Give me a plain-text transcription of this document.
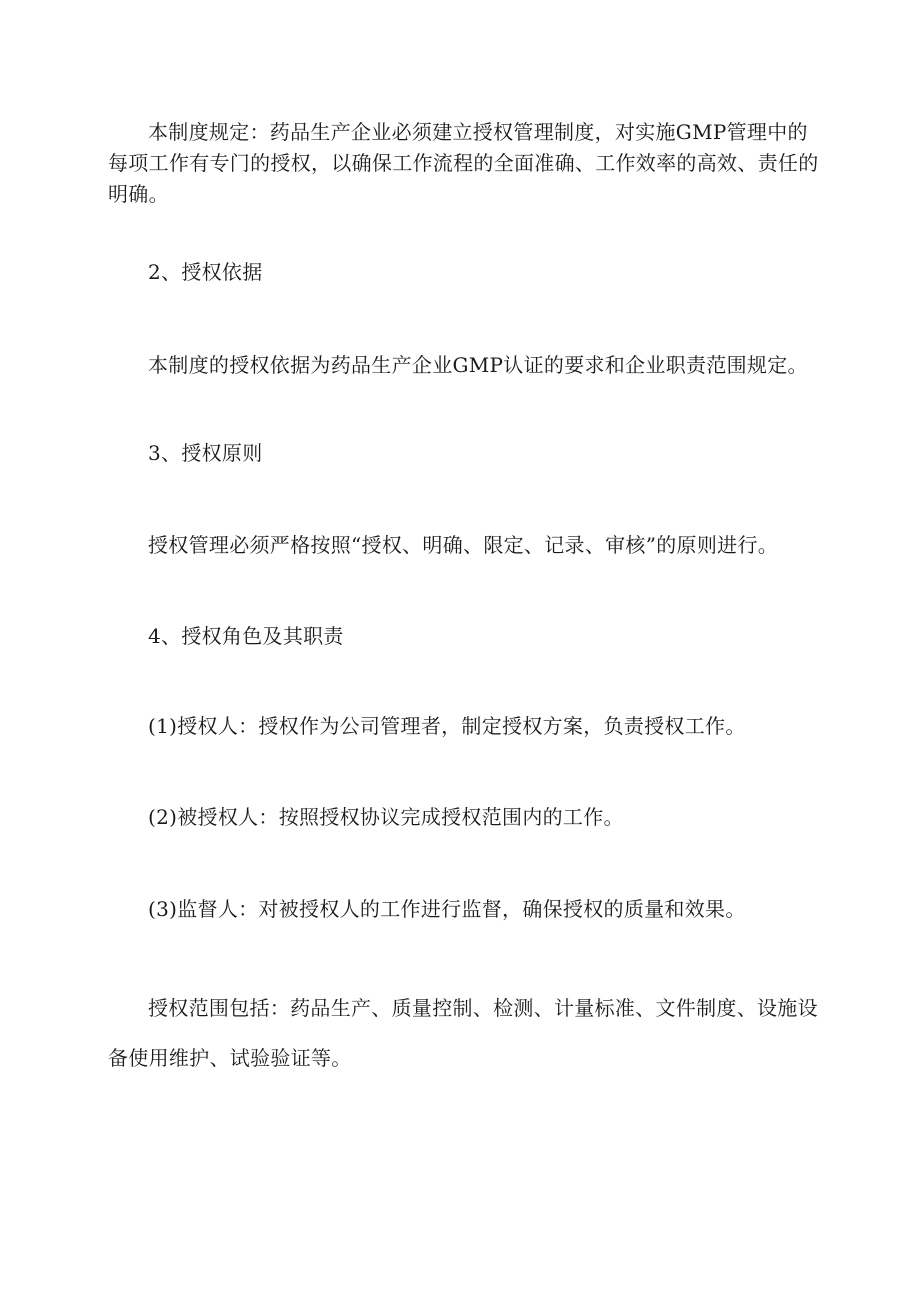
本制度规定：药品生产企业必须建立授权管理制度，对实施GMP管理中的每项工作有专门的授权，以确保工作流程的全面准确、工作效率的高效、责任的明确。

2、授权依据

本制度的授权依据为药品生产企业GMP认证的要求和企业职责范围规定。

3、授权原则

授权管理必须严格按照“授权、明确、限定、记录、审核”的原则进行。

4、授权角色及其职责

(1)授权人：授权作为公司管理者，制定授权方案，负责授权工作。

(2)被授权人：按照授权协议完成授权范围内的工作。

(3)监督人：对被授权人的工作进行监督，确保授权的质量和效果。

授权范围包括：药品生产、质量控制、检测、计量标准、文件制度、设施设备使用维护、试验验证等。
